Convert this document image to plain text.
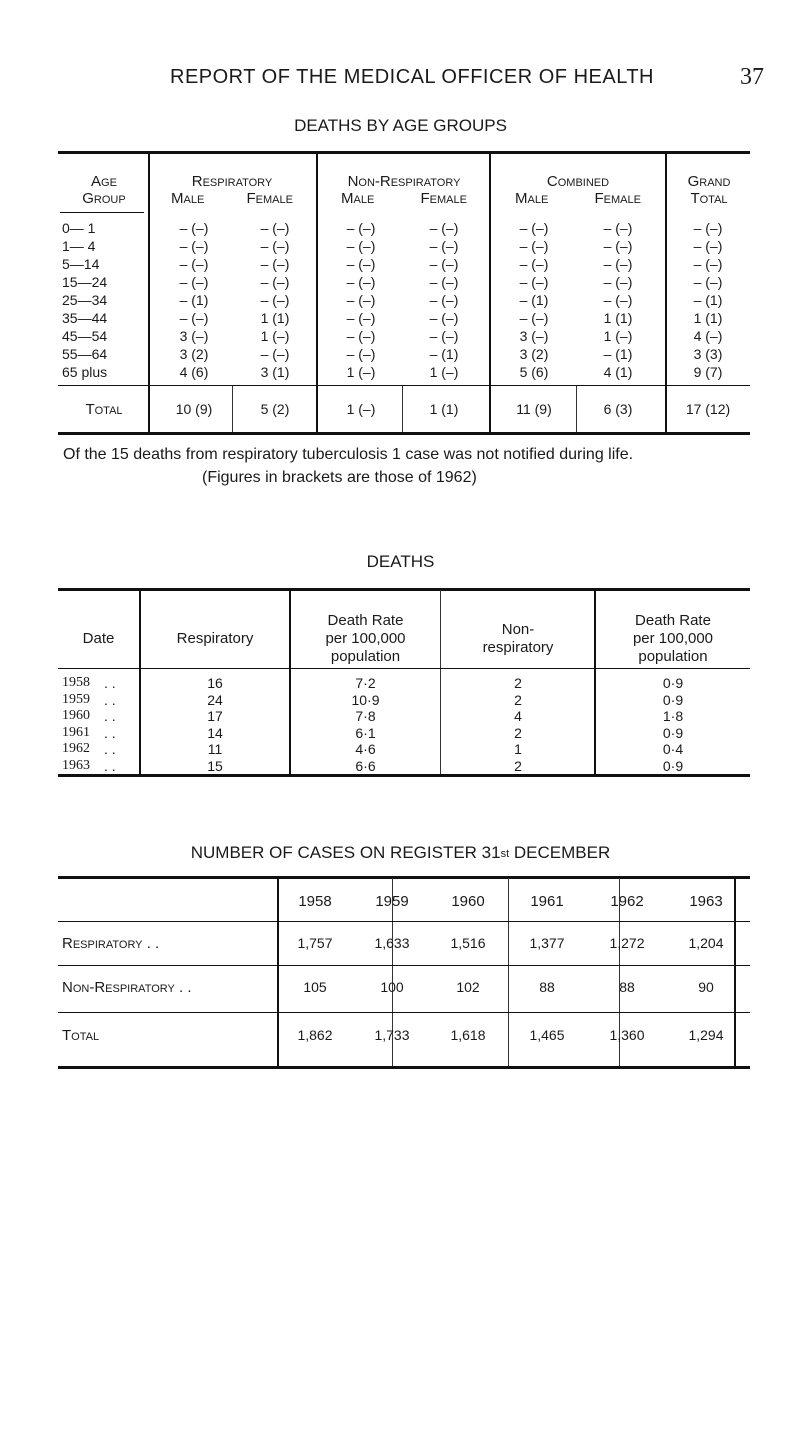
REPORT OF THE MEDICAL OFFICER OF HEALTH	37
DEATHS BY AGE GROUPS
Age
Group
Respiratory
Male	Female
Non-Respiratory
Male	Female
Combined
Male	Female
Grand
Total
0— 1	– (–)	– (–)	– (–)	– (–)	– (–)	– (–)	– (–)
1— 4	– (–)	– (–)	– (–)	– (–)	– (–)	– (–)	– (–)
5—14	– (–)	– (–)	– (–)	– (–)	– (–)	– (–)	– (–)
15—24	– (–)	– (–)	– (–)	– (–)	– (–)	– (–)	– (–)
25—34	– (1)	– (–)	– (–)	– (–)	– (1)	– (–)	– (1)
35—44	– (–)	1 (1)	– (–)	– (–)	– (–)	1 (1)	1 (1)
45—54	3 (–)	1 (–)	– (–)	– (–)	3 (–)	1 (–)	4 (–)
55—64	3 (2)	– (–)	– (–)	– (1)	3 (2)	– (1)	3 (3)
65 plus	4 (6)	3 (1)	1 (–)	1 (–)	5 (6)	4 (1)	9 (7)
Total	10 (9)	5 (2)	1 (–)	1 (1)	11 (9)	6 (3)	17 (12)
Of the 15 deaths from respiratory tuberculosis 1 case was not notified during life.
(Figures in brackets are those of 1962)
DEATHS
Date	Respiratory
Death Rate
per 100,000
population
Non-
respiratory
Death Rate
per 100,000
population
1958 . .	16	7·2	2	0·9
1959 . .	24	10·9	2	0·9
1960 . .	17	7·8	4	1·8
1961 . .	14	6·1	2	0·9
1962 . .	11	4·6	1	0·4
1963 . .	15	6·6	2	0·9
NUMBER OF CASES ON REGISTER 31st DECEMBER
1958	1959	1960	1961	1962	1963
Respiratory . .	1,757	1,633	1,516	1,377	1,272	1,204
Non-Respiratory . .	105	100	102	88	88	90
Total	1,862	1,733	1,618	1,465	1,360	1,294
